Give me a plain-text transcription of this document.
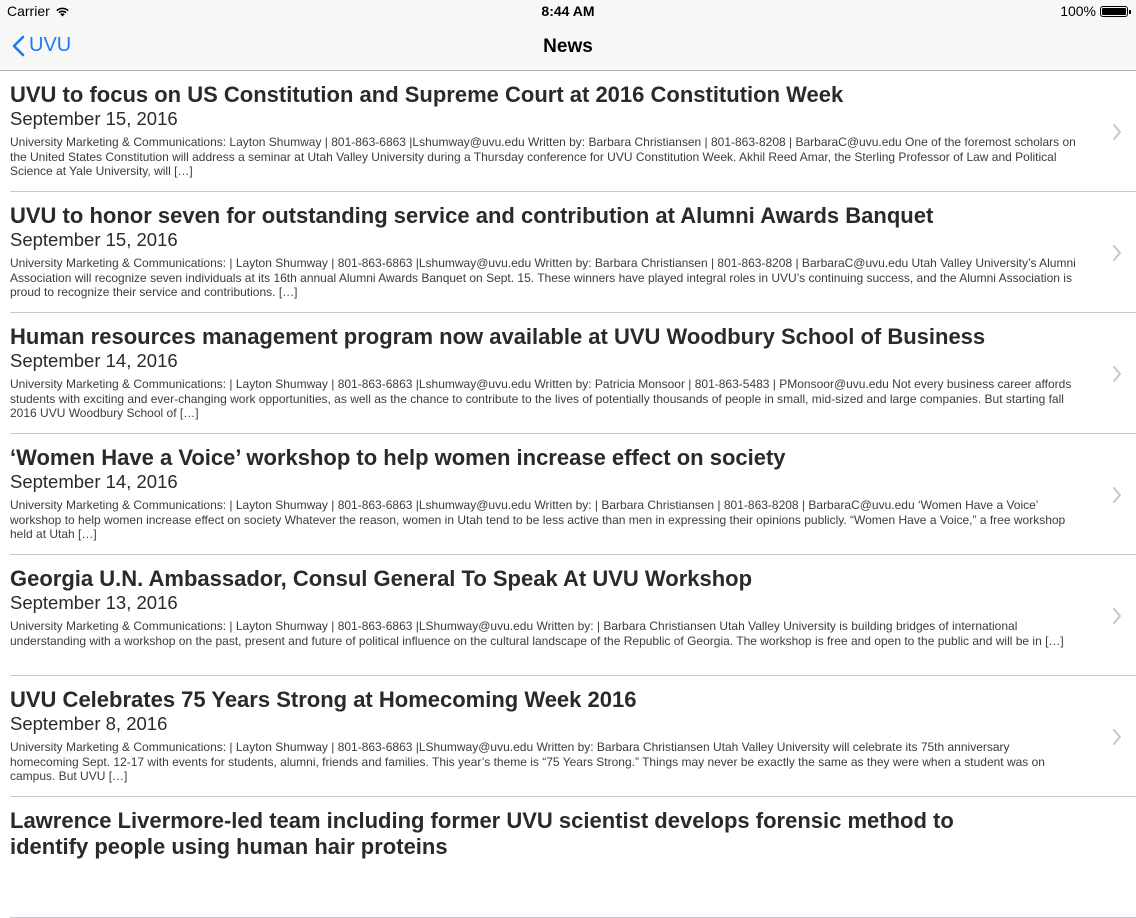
Carrier	8:44 AM	100%
UVU	News
UVU to focus on US Constitution and Supreme Court at 2016 Constitution Week
September 15, 2016
University Marketing & Communications: Layton Shumway | 801-863-6863 |Lshumway@uvu.edu Written by: Barbara Christiansen | 801-863-8208 | BarbaraC@uvu.edu One of the foremost scholars on the United States Constitution will address a seminar at Utah Valley University during a Thursday conference for UVU Constitution Week. Akhil Reed Amar, the Sterling Professor of Law and Political Science at Yale University, will […]
UVU to honor seven for outstanding service and contribution at Alumni Awards Banquet
September 15, 2016
University Marketing & Communications: | Layton Shumway | 801-863-6863 |Lshumway@uvu.edu Written by: Barbara Christiansen | 801-863-8208 | BarbaraC@uvu.edu Utah Valley University’s Alumni Association will recognize seven individuals at its 16th annual Alumni Awards Banquet on Sept. 15. These winners have played integral roles in UVU’s continuing success, and the Alumni Association is proud to recognize their service and contributions. […]
Human resources management program now available at UVU Woodbury School of Business
September 14, 2016
University Marketing & Communications: | Layton Shumway | 801-863-6863 |Lshumway@uvu.edu Written by: Patricia Monsoor | 801-863-5483 | PMonsoor@uvu.edu Not every business career affords students with exciting and ever-changing work opportunities, as well as the chance to contribute to the lives of potentially thousands of people in small, mid-sized and large companies. But starting fall 2016 UVU Woodbury School of […]
‘Women Have a Voice’ workshop to help women increase effect on society
September 14, 2016
University Marketing & Communications: | Layton Shumway | 801-863-6863 |Lshumway@uvu.edu Written by: | Barbara Christiansen | 801-863-8208 | BarbaraC@uvu.edu ‘Women Have a Voice’ workshop to help women increase effect on society Whatever the reason, women in Utah tend to be less active than men in expressing their opinions publicly. “Women Have a Voice,” a free workshop held at Utah […]
Georgia U.N. Ambassador, Consul General To Speak At UVU Workshop
September 13, 2016
University Marketing & Communications: | Layton Shumway | 801-863-6863 |LShumway@uvu.edu Written by: | Barbara Christiansen Utah Valley University is building bridges of international understanding with a workshop on the past, present and future of political influence on the cultural landscape of the Republic of Georgia. The workshop is free and open to the public and will be in […]
UVU Celebrates 75 Years Strong at Homecoming Week 2016
September 8, 2016
University Marketing & Communications: | Layton Shumway | 801-863-6863 |LShumway@uvu.edu Written by: Barbara Christiansen Utah Valley University will celebrate its 75th anniversary homecoming Sept. 12-17 with events for students, alumni, friends and families. This year’s theme is “75 Years Strong.” Things may never be exactly the same as they were when a student was on campus. But UVU […]
Lawrence Livermore-led team including former UVU scientist develops forensic method to identify people using human hair proteins
